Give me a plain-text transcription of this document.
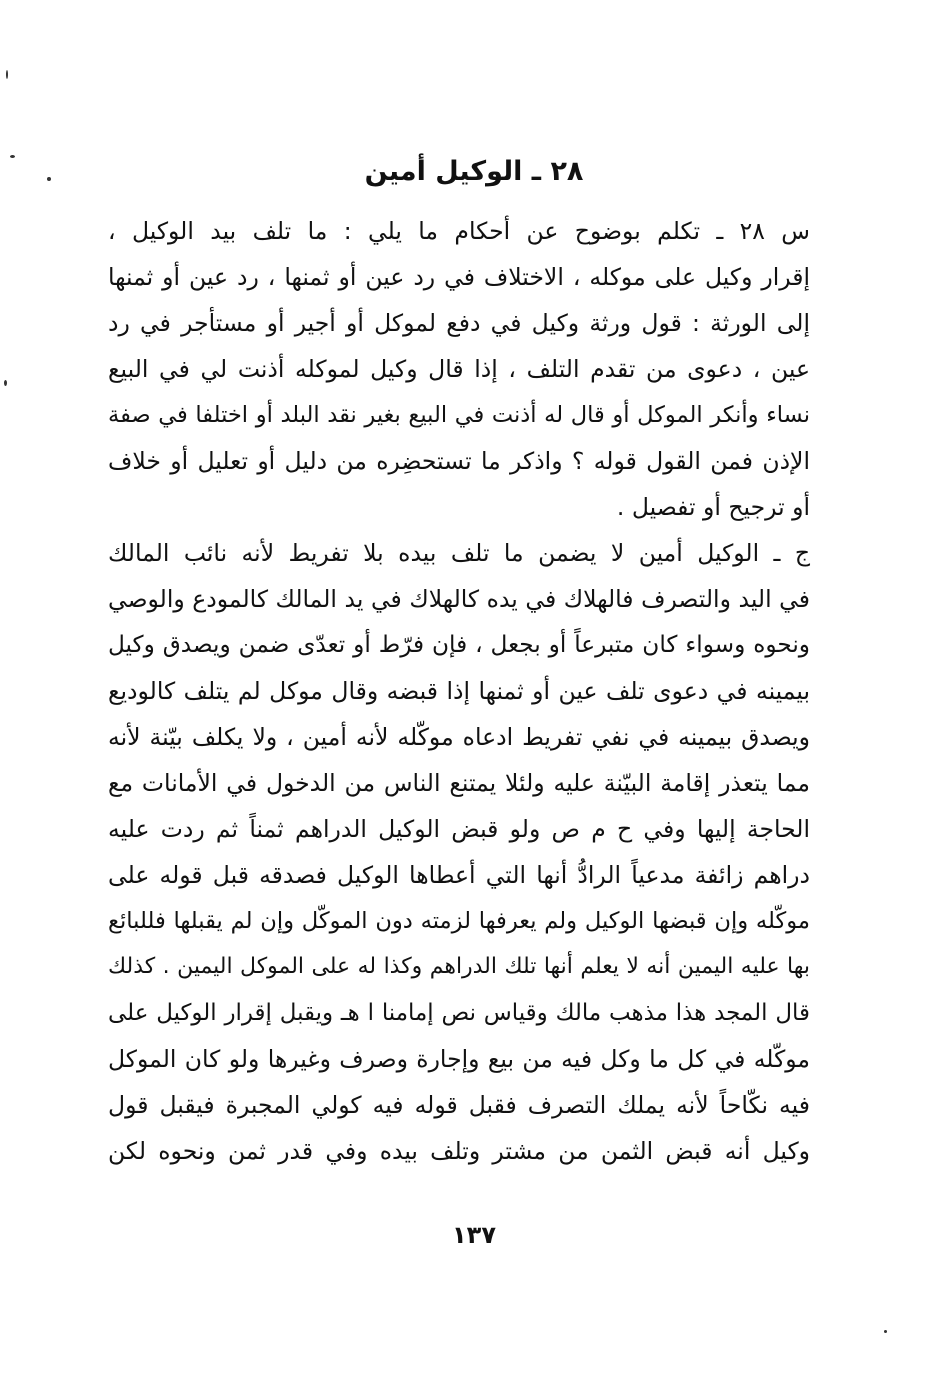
٢٨ ـ الوكيل أمين
س ٢٨ ـ تكلم بوضوح عن أحكام ما يلي : ما تلف بيد الوكيل ،
إقرار وكيل على موكله ، الاختلاف في رد عين أو ثمنها ، رد عين أو ثمنها
إلى الورثة : قول ورثة وكيل في دفع لموكل أو أجير أو مستأجر في رد
عين ، دعوى من تقدم التلف ، إذا قال وكيل لموكله أذنت لي في البيع
نساء وأنكر الموكل أو قال له أذنت في البيع بغير نقد البلد أو اختلفا في صفة
الإذن فمن القول قوله ؟ واذكر ما تستحضِره من دليل أو تعليل أو خلاف
أو ترجيح أو تفصيل .
ج ـ الوكيل أمين لا يضمن ما تلف بيده بلا تفريط لأنه نائب المالك
في اليد والتصرف فالهلاك في يده كالهلاك في يد المالك كالمودع والوصي
ونحوه وسواء كان متبرعاً أو بجعل ، فإن فرّط أو تعدّى ضمن ويصدق وكيل
بيمينه في دعوى تلف عين أو ثمنها إذا قبضه وقال موكل لم يتلف كالوديع
ويصدق بيمينه في نفي تفريط ادعاه موكّله لأنه أمين ، ولا يكلف بيّنة لأنه
مما يتعذر إقامة البيّنة عليه ولئلا يمتنع الناس من الدخول في الأمانات مع
الحاجة إليها وفي ح م ص ولو قبض الوكيل الدراهم ثمناً ثم ردت عليه
دراهم زائفة مدعياً الرادُّ أنها التي أعطاها الوكيل فصدقه قبل قوله على
موكّله وإن قبضها الوكيل ولم يعرفها لزمته دون الموكّل وإن لم يقبلها فللبائع
بها عليه اليمين أنه لا يعلم أنها تلك الدراهم وكذا له على الموكل اليمين . كذلك
قال المجد هذا مذهب مالك وقياس نص إمامنا ا هـ ويقبل إقرار الوكيل على
موكّله في كل ما وكل فيه من بيع وإجارة وصرف وغيرها ولو كان الموكل
فيه نكّاحاً لأنه يملك التصرف فقبل قوله فيه كولي المجبرة فيقبل قول
وكيل أنه قبض الثمن من مشتر وتلف بيده وفي قدر ثمن ونحوه لكن
١٣٧
